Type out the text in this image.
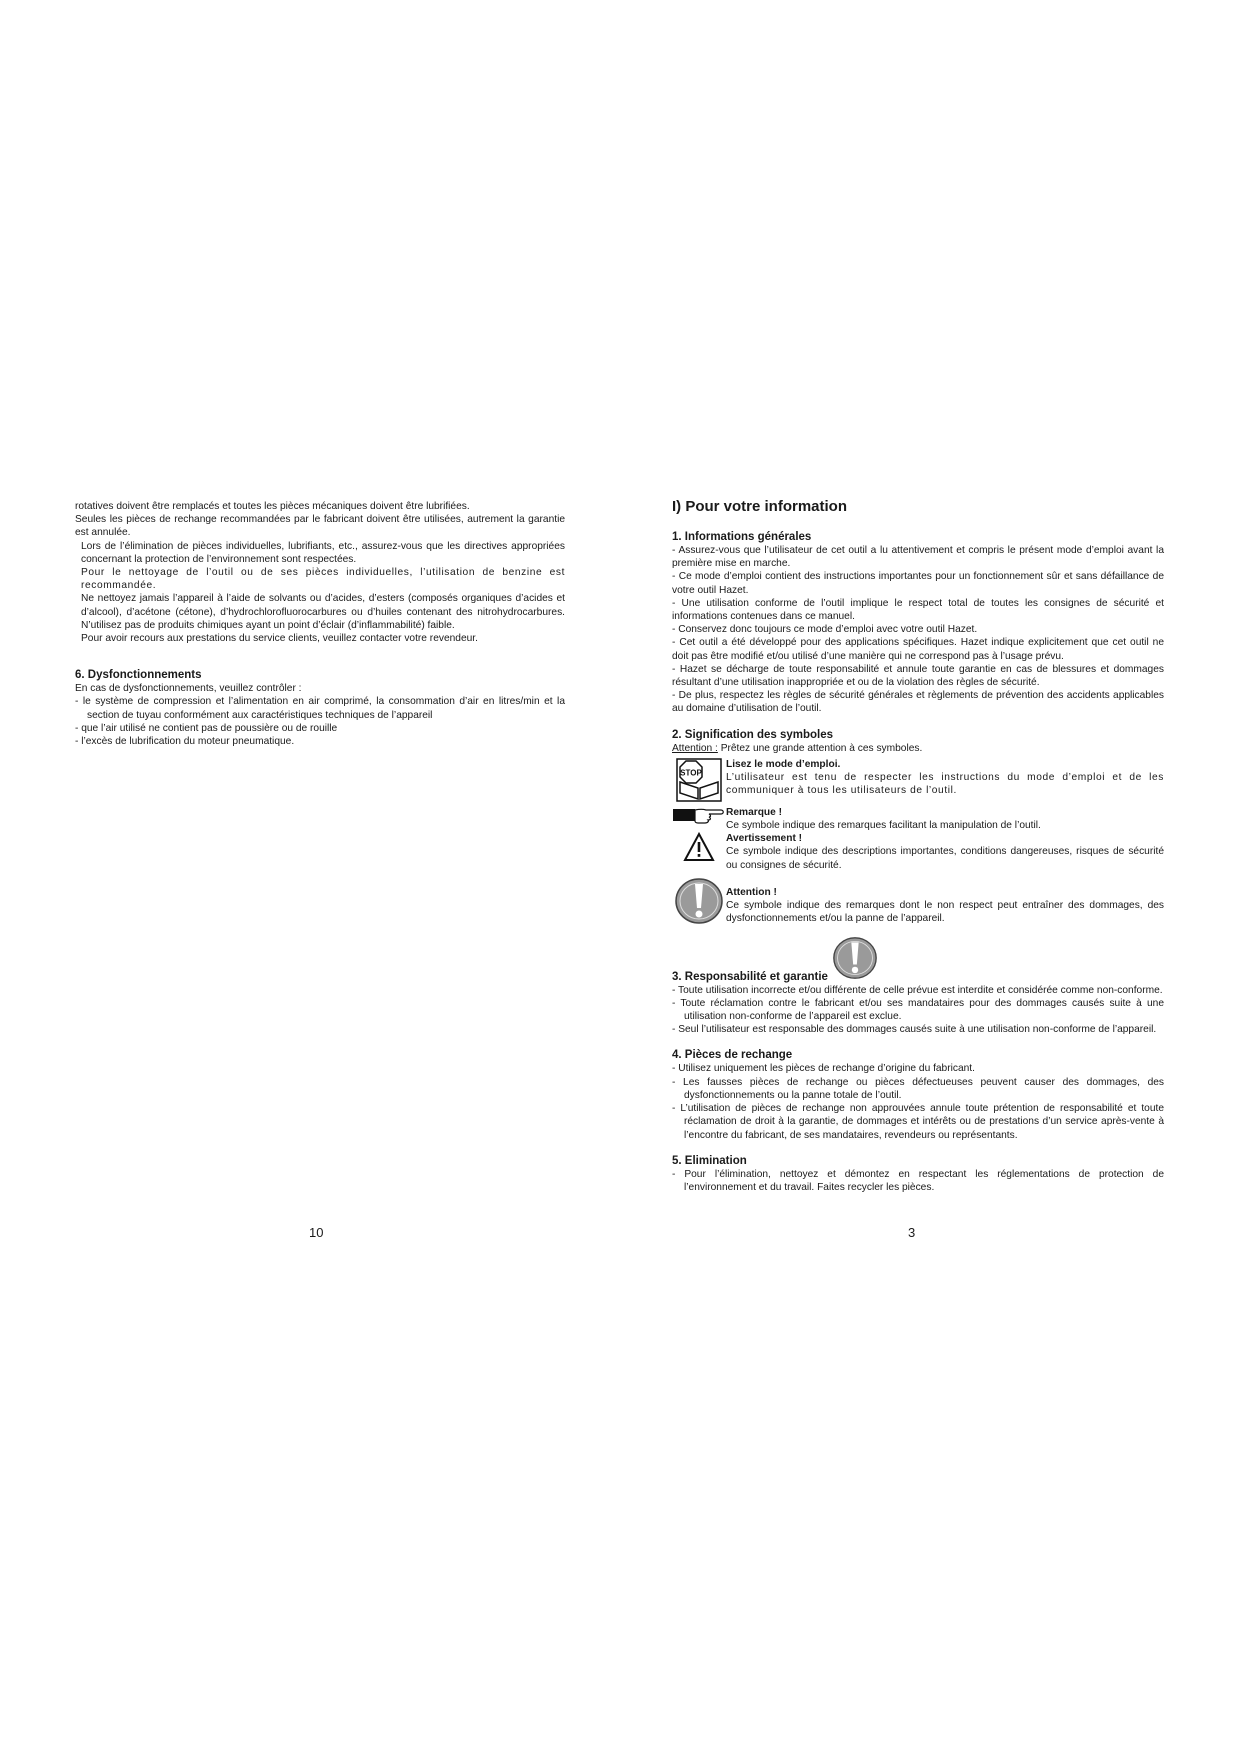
rotatives doivent être remplacés et toutes les pièces mécaniques doivent être lubrifiées.

Seules les pièces de rechange recommandées par le fabricant doivent être utilisées, autrement la garantie est annulée.

Lors de l’élimination de pièces individuelles, lubrifiants, etc., assurez-vous que les directives appropriées concernant la protection de l’environnement sont respectées.

Pour le nettoyage de l’outil ou de ses pièces individuelles, l’utilisation de benzine est recommandée.

Ne nettoyez jamais l’appareil à l’aide de solvants ou d’acides, d’esters (composés organiques d’acides et d’alcool), d’acétone (cétone), d’hydrochlorofluorocarbures ou d’huiles contenant des nitrohydrocarbures. N’utilisez pas de produits chimiques ayant un point d’éclair (d’inflammabilité) faible.

Pour avoir recours aux prestations du service clients, veuillez contacter votre revendeur.

6. Dysfonctionnements

En cas de dysfonctionnements, veuillez contrôler :

- le système de compression et l’alimentation en air comprimé, la consommation d’air en litres/min et la section de tuyau conformément aux caractéristiques techniques de l’appareil

- que l’air utilisé ne contient pas de poussière ou de rouille

- l’excès de lubrification du moteur pneumatique.

10
I) Pour votre information
1. Informations générales

- Assurez-vous que l’utilisateur de cet outil a lu attentivement et compris le présent mode d’emploi avant la première mise en marche.

- Ce mode d’emploi contient des instructions importantes pour un fonctionnement sûr et sans défaillance de votre outil Hazet.

- Une utilisation conforme de l’outil implique le respect total de toutes les consignes de sécurité et informations contenues dans ce manuel.

- Conservez donc toujours ce mode d’emploi avec votre outil Hazet.

- Cet outil a été développé pour des applications spécifiques. Hazet indique explicitement que cet outil ne doit pas être modifié et/ou utilisé d’une manière qui ne correspond pas à l’usage prévu.

- Hazet se décharge de toute responsabilité et annule toute garantie en cas de blessures et dommages résultant d’une utilisation inappropriée et ou de la violation des règles de sécurité.

- De plus, respectez les règles de sécurité générales et règlements de prévention des accidents applicables au domaine d’utilisation de l’outil.

2. Signification des symboles

Attention : Prêtez une grande attention à ces symboles.

STOP
Lisez le mode d’emploi.

L’utilisateur est tenu de respecter les instructions du mode d’emploi et de les communiquer à tous les utilisateurs de l’outil.

Remarque !

Ce symbole indique des remarques facilitant la manipulation de l’outil.

Avertissement !

Ce symbole indique des descriptions importantes, conditions dangereuses, risques de sécurité ou consignes de sécurité.

Attention !

Ce symbole indique des remarques dont le non respect peut entraîner des dommages, des dysfonctionnements et/ou la panne de l’appareil.

3. Responsabilité et garantie

- Toute utilisation incorrecte et/ou différente de celle prévue est interdite et considérée comme non-conforme.

- Toute réclamation contre le fabricant et/ou ses mandataires pour des dommages causés suite à une utilisation non-conforme de l’appareil est exclue.

- Seul l’utilisateur est responsable des dommages causés suite à une utilisation non-conforme de l’appareil.

4. Pièces de rechange

- Utilisez uniquement les pièces de rechange d’origine du fabricant.

- Les fausses pièces de rechange ou pièces défectueuses peuvent causer des dommages, des dysfonctionnements ou la panne totale de l’outil.

- L’utilisation de pièces de rechange non approuvées annule toute prétention de responsabilité et toute réclamation de droit à la garantie, de dommages et intérêts ou de prestations d’un service après-vente à l’encontre du fabricant, de ses mandataires, revendeurs ou représentants.

5. Elimination

- Pour l’élimination, nettoyez et démontez en respectant les réglementations de protection de l’environnement et du travail. Faites recycler les pièces.

3
